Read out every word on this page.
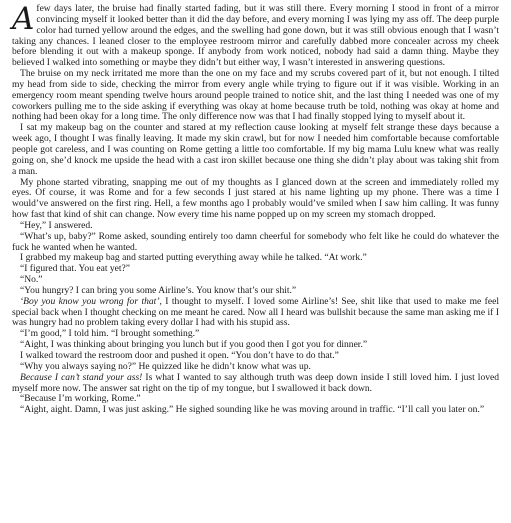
Afew days later, the bruise had finally started fading, but it was still there. Every morning I stood in front of a mirror convincing myself it looked better than it did the day before, and every morning I was lying my ass off. The deep purple color had turned yellow around the edges, and the swelling had gone down, but it was still obvious enough that I wasn’t taking any chances. I leaned closer to the employee restroom mirror and carefully dabbed more concealer across my cheek before blending it out with a makeup sponge. If anybody from work noticed, nobody had said a damn thing. Maybe they believed I walked into something or maybe they didn’t but either way, I wasn’t interested in answering questions.

The bruise on my neck irritated me more than the one on my face and my scrubs covered part of it, but not enough. I tilted my head from side to side, checking the mirror from every angle while trying to figure out if it was visible. Working in an emergency room meant spending twelve hours around people trained to notice shit, and the last thing I needed was one of my coworkers pulling me to the side asking if everything was okay at home because truth be told, nothing was okay at home and nothing had been okay for a long time. The only difference now was that I had finally stopped lying to myself about it.

I sat my makeup bag on the counter and stared at my reflection cause looking at myself felt strange these days because a week ago, I thought I was finally leaving. It made my skin crawl, but for now I needed him comfortable because comfortable people got careless, and I was counting on Rome getting a little too comfortable. If my big mama Lulu knew what was really going on, she’d knock me upside the head with a cast iron skillet because one thing she didn’t play about was taking shit from a man.

My phone started vibrating, snapping me out of my thoughts as I glanced down at the screen and immediately rolled my eyes. Of course, it was Rome and for a few seconds I just stared at his name lighting up my phone. There was a time I would’ve answered on the first ring. Hell, a few months ago I probably would’ve smiled when I saw him calling. It was funny how fast that kind of shit can change. Now every time his name popped up on my screen my stomach dropped.

“Hey,” I answered.

“What’s up, baby?” Rome asked, sounding entirely too damn cheerful for somebody who felt like he could do whatever the fuck he wanted when he wanted.

I grabbed my makeup bag and started putting everything away while he talked. “At work.”

“I figured that. You eat yet?”

“No.”

“You hungry? I can bring you some Airline’s. You know that’s our shit.”

‘Boy you know you wrong for that’, I thought to myself. I loved some Airline’s! See, shit like that used to make me feel special back when I thought checking on me meant he cared. Now all I heard was bullshit because the same man asking me if I was hungry had no problem taking every dollar I had with his stupid ass.

“I’m good,” I told him. “I brought something.”

“Aight, I was thinking about bringing you lunch but if you good then I got you for dinner.”

I walked toward the restroom door and pushed it open. “You don’t have to do that.”

“Why you always saying no?” He quizzed like he didn’t know what was up.

Because I can’t stand your ass! Is what I wanted to say although truth was deep down inside I still loved him. I just loved myself more now. The answer sat right on the tip of my tongue, but I swallowed it back down.

“Because I’m working, Rome.”

“Aight, aight. Damn, I was just asking.” He sighed sounding like he was moving around in traffic. “I’ll call you later on.”
